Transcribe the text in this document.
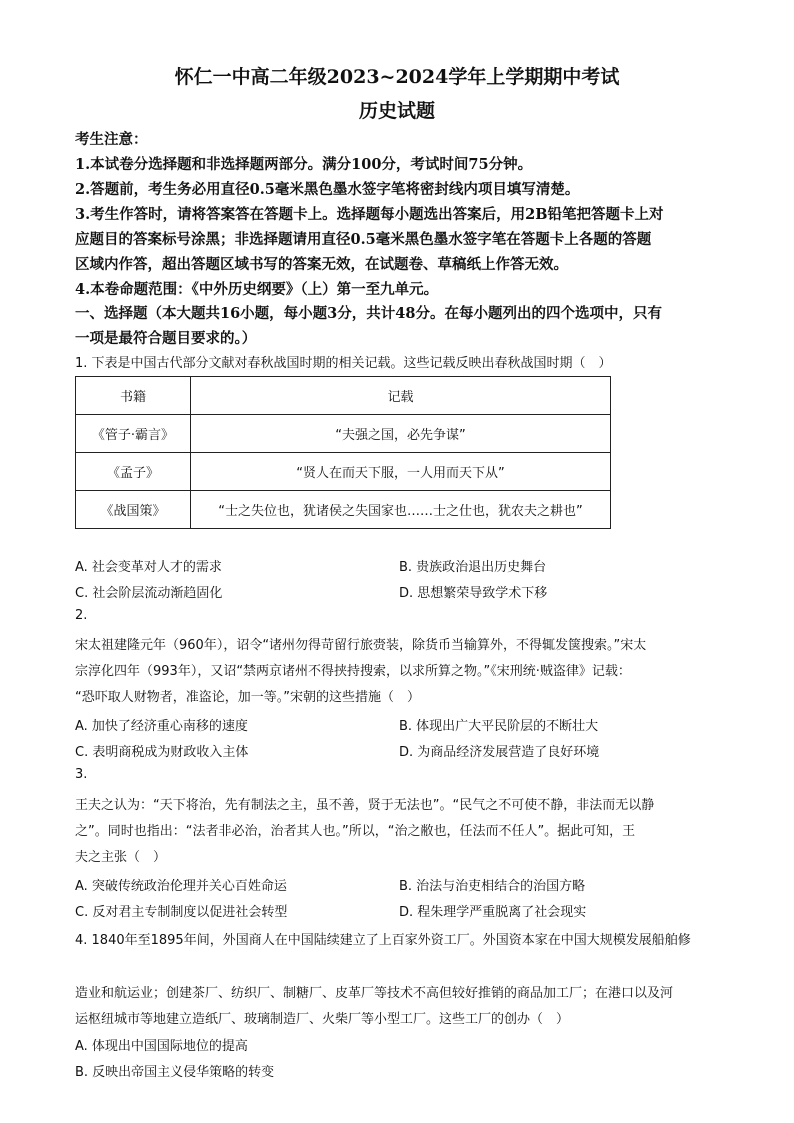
怀仁一中高二年级2023~2024学年上学期期中考试
历史试题
考生注意：
1.本试卷分选择题和非选择题两部分。满分100分，考试时间75分钟。
2.答题前，考生务必用直径0.5毫米黑色墨水签字笔将密封线内项目填写清楚。
3.考生作答时，请将答案答在答题卡上。选择题每小题选出答案后，用2B铅笔把答题卡上对
应题目的答案标号涂黑；非选择题请用直径0.5毫米黑色墨水签字笔在答题卡上各题的答题
区域内作答，超出答题区域书写的答案无效，在试题卷、草稿纸上作答无效。
4.本卷命题范围：《中外历史纲要》（上）第一至九单元。
一、选择题（本大题共16小题，每小题3分，共计48分。在每小题列出的四个选项中，只有
一项是最符合题目要求的。）
1. 下表是中国古代部分文献对春秋战国时期的相关记载。这些记载反映出春秋战国时期（　）
书籍	记载
《管子·霸言》	“夫强之国，必先争谋”
《孟子》	“贤人在而天下服，一人用而天下从”
《战国策》	“士之失位也，犹诸侯之失国家也……士之仕也，犹农夫之耕也”
A. 社会变革对人才的需求	B. 贵族政治退出历史舞台
C. 社会阶层流动渐趋固化	D. 思想繁荣导致学术下移
2.
宋太祖建隆元年（960年），诏令“诸州勿得苛留行旅赍装，除货币当输算外，不得辄发箧搜索。”宋太
宗淳化四年（993年），又诏“禁两京诸州不得挟持搜索，以求所算之物。”《宋刑统·贼盗律》记载：
“恐吓取人财物者，准盗论，加一等。”宋朝的这些措施（　）
A. 加快了经济重心南移的速度	B. 体现出广大平民阶层的不断壮大
C. 表明商税成为财政收入主体	D. 为商品经济发展营造了良好环境
3.
王夫之认为：“天下将治，先有制法之主，虽不善，贤于无法也”。“民气之不可使不静，非法而无以静
之”。同时也指出：“法者非必治，治者其人也。”所以，“治之敝也，任法而不任人”。据此可知，王
夫之主张（　）
A. 突破传统政治伦理并关心百姓命运	B. 治法与治吏相结合的治国方略
C. 反对君主专制制度以促进社会转型	D. 程朱理学严重脱离了社会现实
4. 1840年至1895年间，外国商人在中国陆续建立了上百家外资工厂。外国资本家在中国大规模发展船舶修
造业和航运业；创建茶厂、纺织厂、制糖厂、皮革厂等技术不高但较好推销的商品加工厂；在港口以及河
运枢纽城市等地建立造纸厂、玻璃制造厂、火柴厂等小型工厂。这些工厂的创办（　）
A. 体现出中国国际地位的提高
B. 反映出帝国主义侵华策略的转变
